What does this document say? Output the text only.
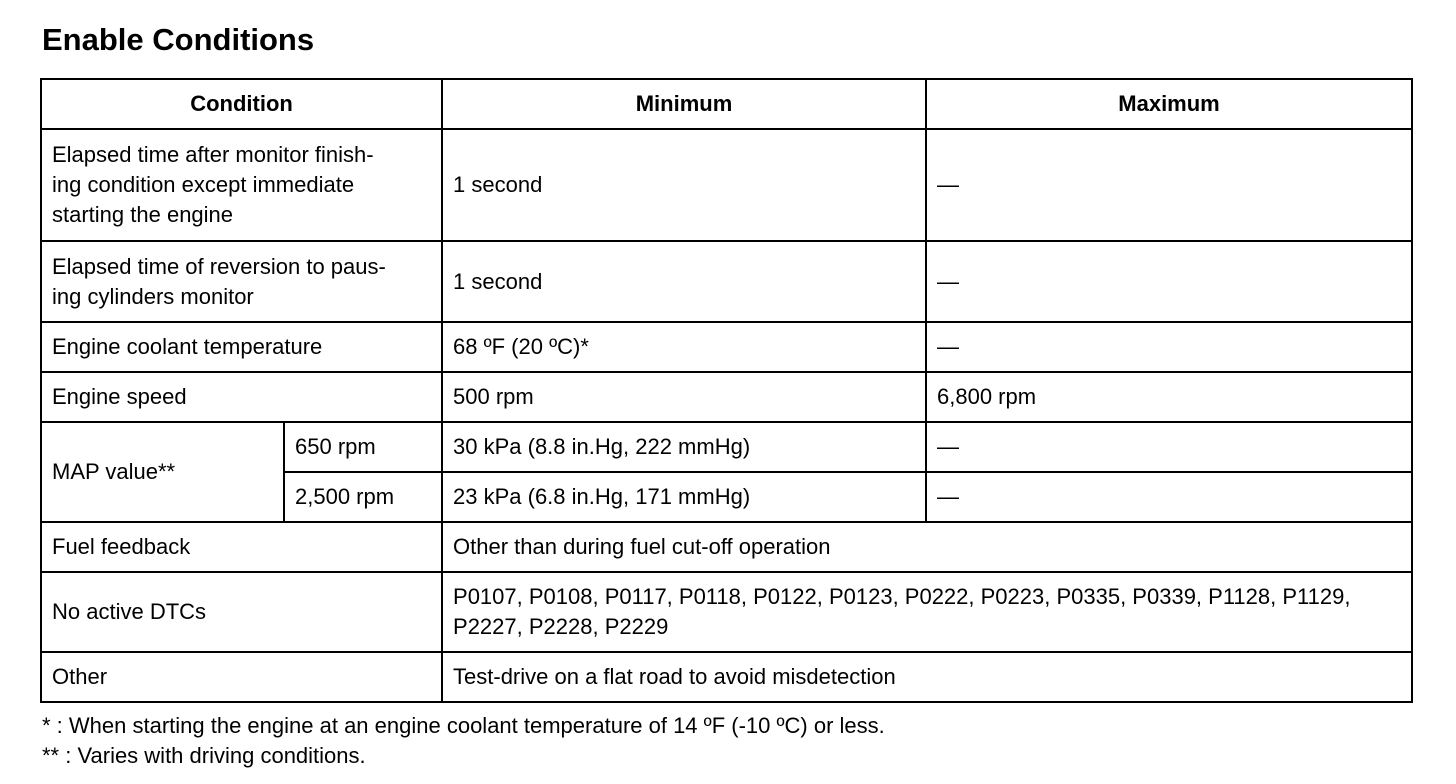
Enable Conditions
Condition		Minimum	Maximum
Elapsed time after monitor finish-
ing condition except immediate
starting the engine		1 second	—
Elapsed time of reversion to paus-
ing cylinders monitor		1 second	—
Engine coolant temperature		68 ºF (20 ºC)*	—
Engine speed		500 rpm	6,800 rpm
MAP value**	650 rpm	30 kPa (8.8 in.Hg, 222 mmHg)	—
	2,500 rpm	23 kPa (6.8 in.Hg, 171 mmHg)	—
Fuel feedback		Other than during fuel cut-off operation	
No active DTCs		P0107, P0108, P0117, P0118, P0122, P0123, P0222, P0223, P0335, P0339, P1128, P1129, P2227, P2228, P2229	
Other		Test-drive on a flat road to avoid misdetection	
* : When starting the engine at an engine coolant temperature of 14 ºF (-10 ºC) or less.
** : Varies with driving conditions.
